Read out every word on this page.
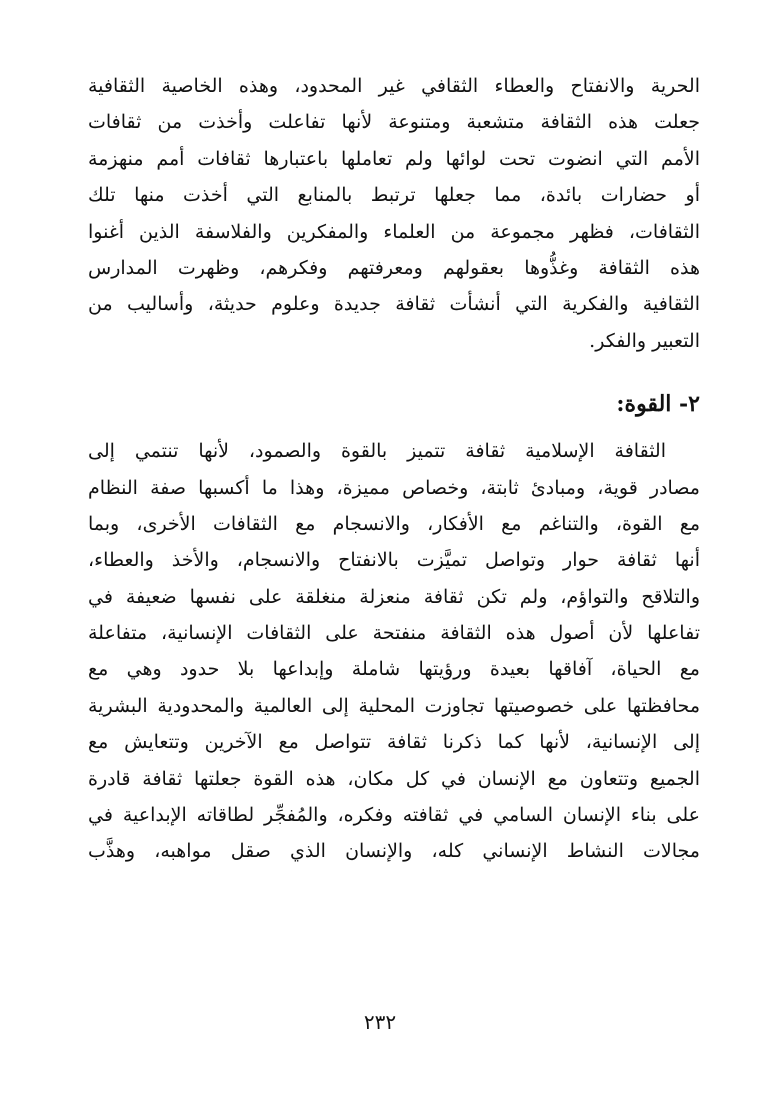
الحرية والانفتاح والعطاء الثقافي غير المحدود، وهذه الخاصية الثقافية
جعلت هذه الثقافة متشعبة ومتنوعة لأنها تفاعلت وأخذت من ثقافات
الأمم التي انضوت تحت لوائها ولم تعاملها باعتبارها ثقافات أمم منهزمة
أو حضارات بائدة، مما جعلها ترتبط بالمنابع التي أخذت منها تلك
الثقافات، فظهر مجموعة من العلماء والمفكرين والفلاسفة الذين أغنوا
هذه الثقافة وغذُّوها بعقولهم ومعرفتهم وفكرهم، وظهرت المدارس
الثقافية والفكرية التي أنشأت ثقافة جديدة وعلوم حديثة، وأساليب من
التعبير والفكر.
٢- القوة:
الثقافة الإسلامية ثقافة تتميز بالقوة والصمود، لأنها تنتمي إلى
مصادر قوية، ومبادئ ثابتة، وخصاص مميزة، وهذا ما أكسبها صفة النظام
مع القوة، والتناغم مع الأفكار، والانسجام مع الثقافات الأخرى، وبما
أنها ثقافة حوار وتواصل تميَّزت بالانفتاح والانسجام، والأخذ والعطاء،
والتلاقح والتواؤم، ولم تكن ثقافة منعزلة منغلقة على نفسها ضعيفة في
تفاعلها لأن أصول هذه الثقافة منفتحة على الثقافات الإنسانية، متفاعلة
مع الحياة، آفاقها بعيدة ورؤيتها شاملة وإبداعها بلا حدود وهي مع
محافظتها على خصوصيتها تجاوزت المحلية إلى العالمية والمحدودية البشرية
إلى الإنسانية، لأنها كما ذكرنا ثقافة تتواصل مع الآخرين وتتعايش مع
الجميع وتتعاون مع الإنسان في كل مكان، هذه القوة جعلتها ثقافة قادرة
على بناء الإنسان السامي في ثقافته وفكره، والمُفجِّر لطاقاته الإبداعية في
مجالات النشاط الإنساني كله، والإنسان الذي صقل مواهبه، وهذَّب
٢٣٢
